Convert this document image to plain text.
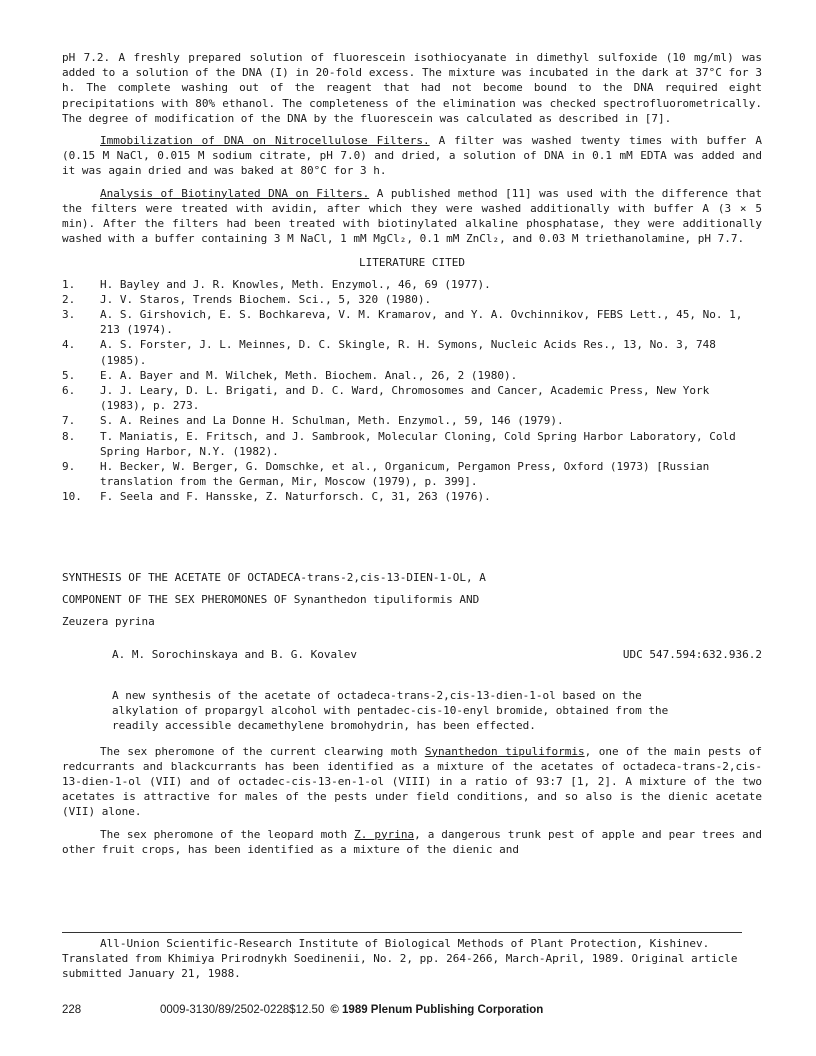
pH 7.2. A freshly prepared solution of fluorescein isothiocyanate in dimethyl sulfoxide (10 mg/ml) was added to a solution of the DNA (I) in 20-fold excess. The mixture was incubated in the dark at 37°C for 3 h. The complete washing out of the reagent that had not become bound to the DNA required eight precipitations with 80% ethanol. The completeness of the elimination was checked spectrofluorometrically. The degree of modification of the DNA by the fluorescein was calculated as described in [7].

Immobilization of DNA on Nitrocellulose Filters. A filter was washed twenty times with buffer A (0.15 M NaCl, 0.015 M sodium citrate, pH 7.0) and dried, a solution of DNA in 0.1 mM EDTA was added and it was again dried and was baked at 80°C for 3 h.

Analysis of Biotinylated DNA on Filters. A published method [11] was used with the difference that the filters were treated with avidin, after which they were washed additionally with buffer A (3 × 5 min). After the filters had been treated with biotinylated alkaline phosphatase, they were additionally washed with a buffer containing 3 M NaCl, 1 mM MgCl₂, 0.1 mM ZnCl₂, and 0.03 M triethanolamine, pH 7.7.

LITERATURE CITED
1.	H. Bayley and J. R. Knowles, Meth. Enzymol., 46, 69 (1977).
2.	J. V. Staros, Trends Biochem. Sci., 5, 320 (1980).
3.	A. S. Girshovich, E. S. Bochkareva, V. M. Kramarov, and Y. A. Ovchinnikov, FEBS Lett., 45, No. 1, 213 (1974).
4.	A. S. Forster, J. L. Meinnes, D. C. Skingle, R. H. Symons, Nucleic Acids Res., 13, No. 3, 748 (1985).
5.	E. A. Bayer and M. Wilchek, Meth. Biochem. Anal., 26, 2 (1980).
6.	J. J. Leary, D. L. Brigati, and D. C. Ward, Chromosomes and Cancer, Academic Press, New York (1983), p. 273.
7.	S. A. Reines and La Donne H. Schulman, Meth. Enzymol., 59, 146 (1979).
8.	T. Maniatis, E. Fritsch, and J. Sambrook, Molecular Cloning, Cold Spring Harbor Laboratory, Cold Spring Harbor, N.Y. (1982).
9.	H. Becker, W. Berger, G. Domschke, et al., Organicum, Pergamon Press, Oxford (1973) [Russian translation from the German, Mir, Moscow (1979), p. 399].
10.	F. Seela and F. Hansske, Z. Naturforsch. C, 31, 263 (1976).
SYNTHESIS OF THE ACETATE OF OCTADECA-trans-2,cis-13-DIEN-1-OL, A
COMPONENT OF THE SEX PHEROMONES OF Synanthedon tipuliformis AND
Zeuzera pyrina
A. M. Sorochinskaya and B. G. Kovalev	UDC 547.594:632.936.2

A new synthesis of the acetate of octadeca-trans-2,cis-13-dien-1-ol based on the alkylation of propargyl alcohol with pentadec-cis-10-enyl bromide, obtained from the readily accessible decamethylene bromohydrin, has been effected.

The sex pheromone of the current clearwing moth Synanthedon tipuliformis, one of the main pests of redcurrants and blackcurrants has been identified as a mixture of the acetates of octadeca-trans-2,cis-13-dien-1-ol (VII) and of octadec-cis-13-en-1-ol (VIII) in a ratio of 93:7 [1, 2]. A mixture of the two acetates is attractive for males of the pests under field conditions, and so also is the dienic acetate (VII) alone.

The sex pheromone of the leopard moth Z. pyrina, a dangerous trunk pest of apple and pear trees and other fruit crops, has been identified as a mixture of the dienic and

All-Union Scientific-Research Institute of Biological Methods of Plant Protection, Kishinev. Translated from Khimiya Prirodnykh Soedinenii, No. 2, pp. 264-266, March-April, 1989. Original article submitted January 21, 1988.

228	0009-3130/89/2502-0228$12.50 © 1989 Plenum Publishing Corporation
